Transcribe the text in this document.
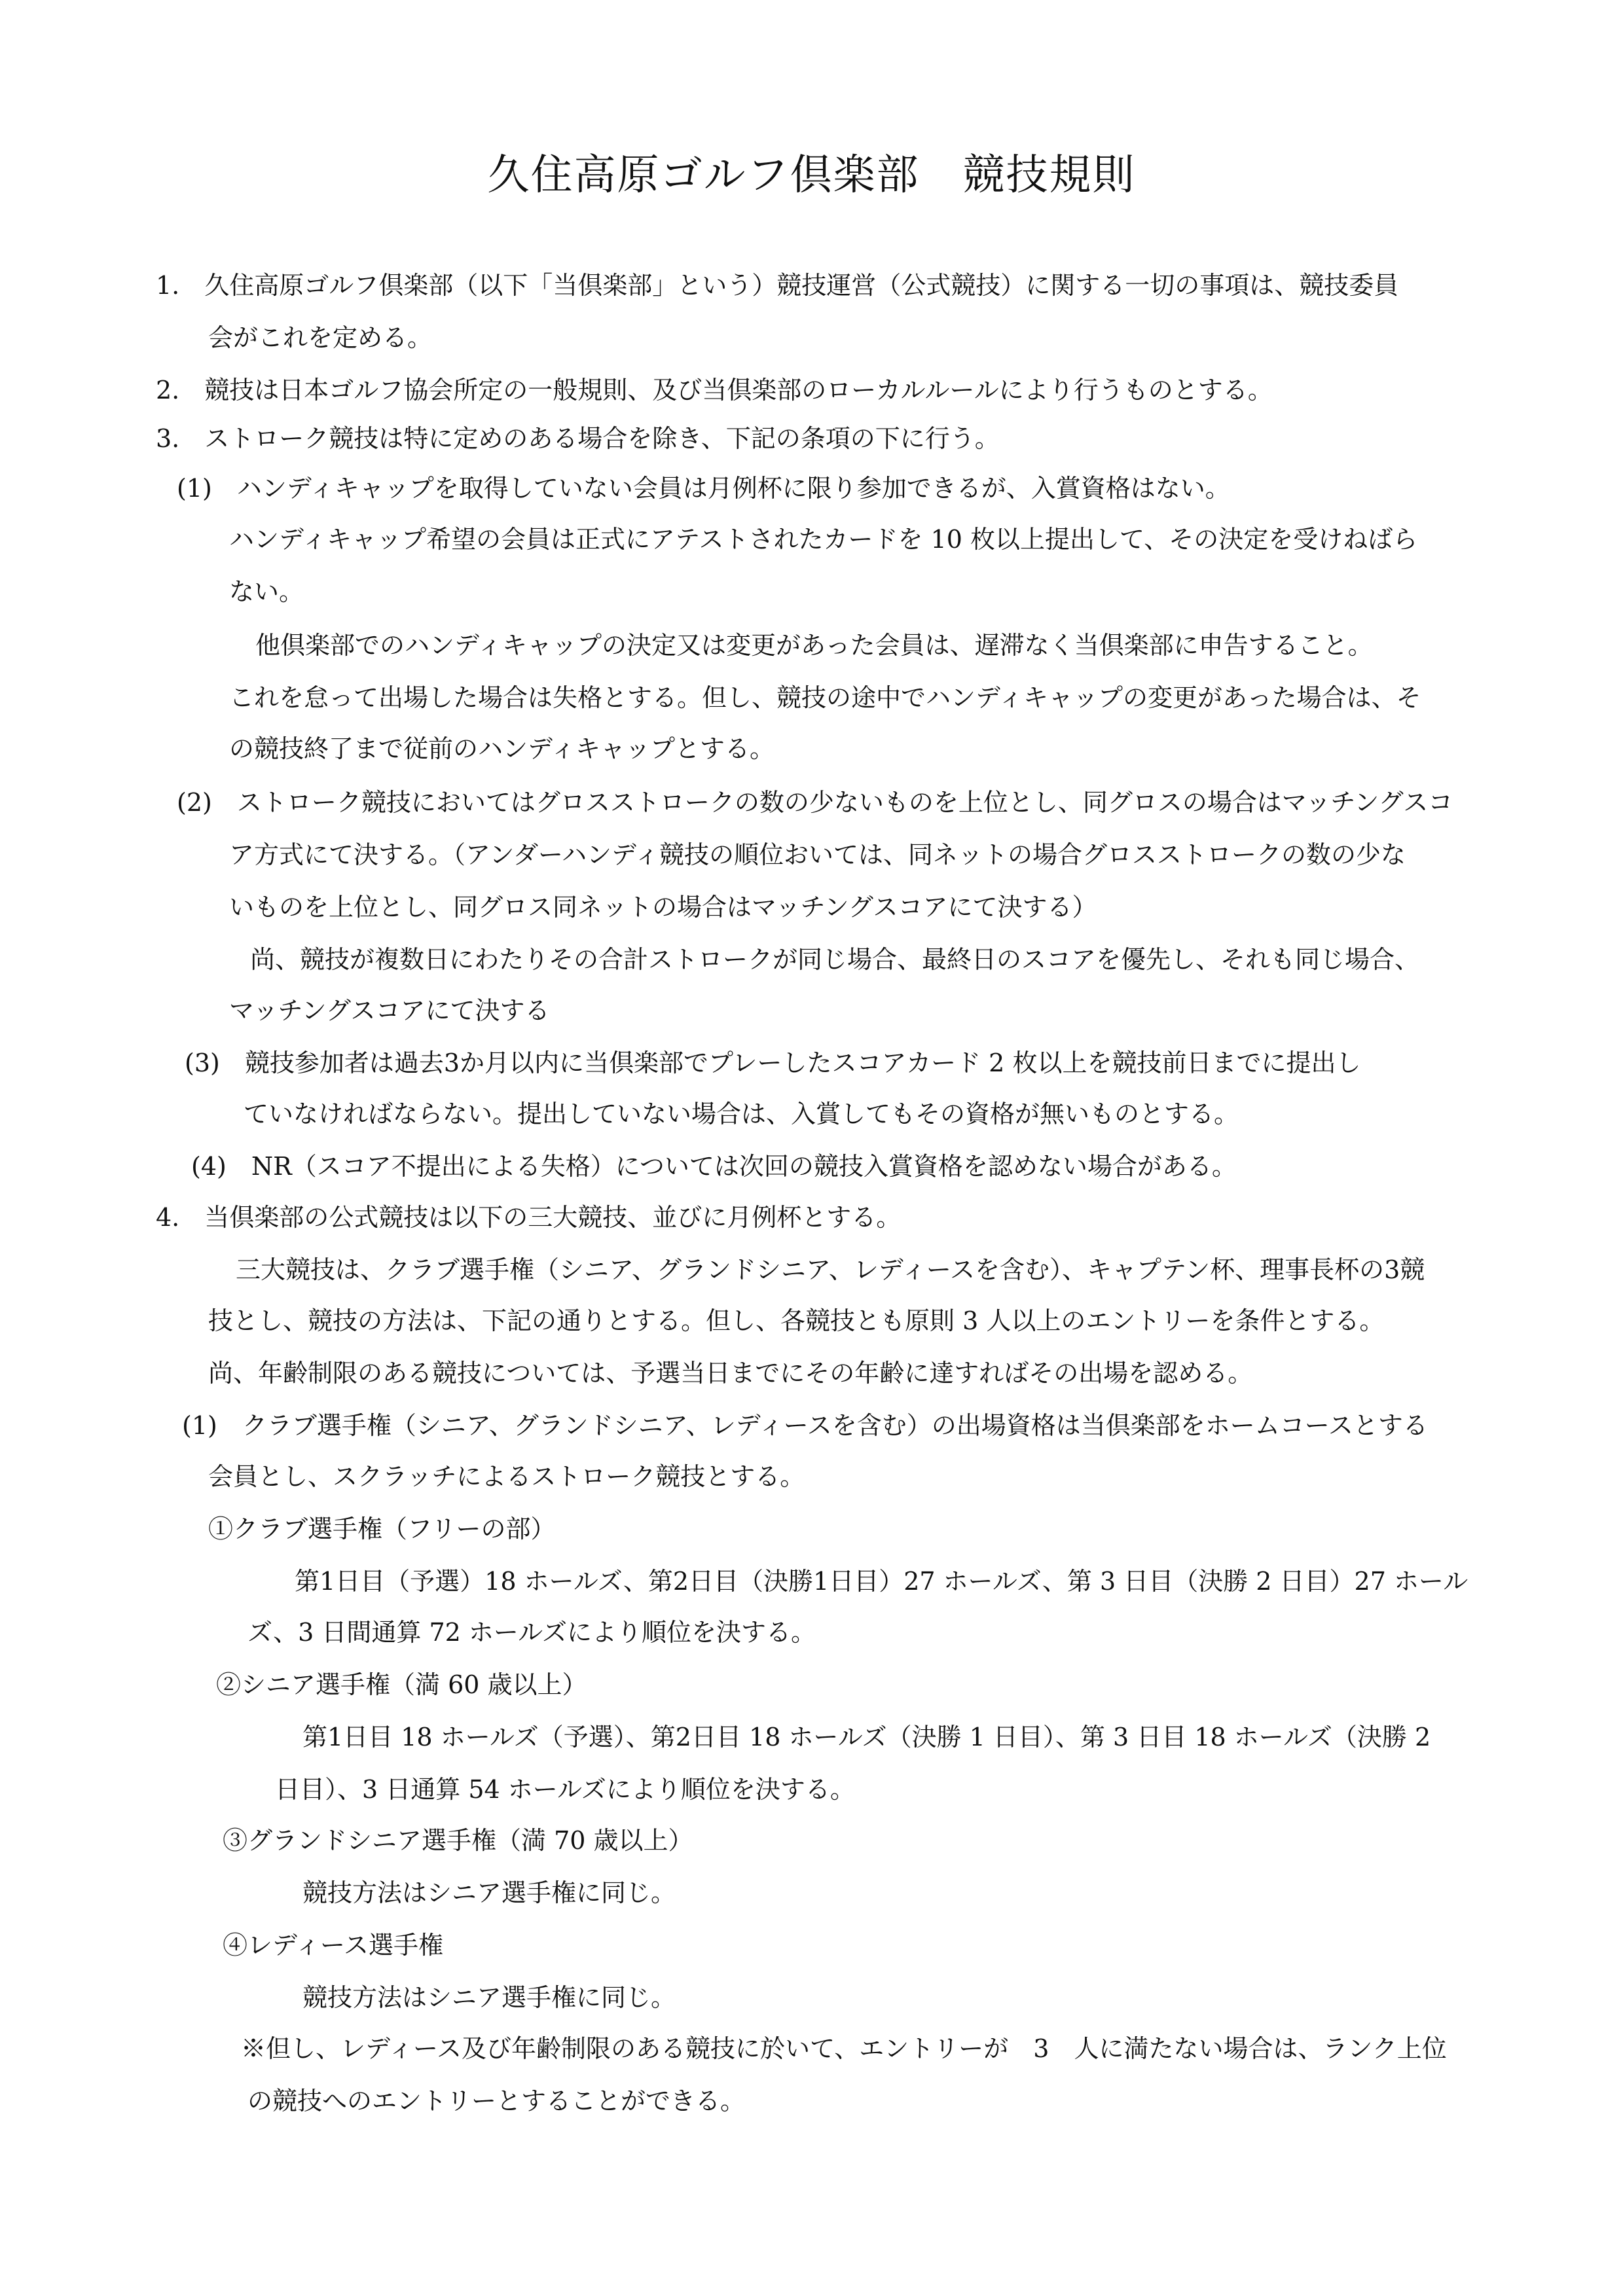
久住高原ゴルフ倶楽部　競技規則
1.　久住高原ゴルフ倶楽部（以下「当倶楽部」という）競技運営（公式競技）に関する一切の事項は、競技委員
会がこれを定める。
2.　競技は日本ゴルフ協会所定の一般規則、及び当倶楽部のローカルルールにより行うものとする。
3.　ストローク競技は特に定めのある場合を除き、下記の条項の下に行う。
(1)　ハンディキャップを取得していない会員は月例杯に限り参加できるが、入賞資格はない。
ハンディキャップ希望の会員は正式にアテストされたカードを 10 枚以上提出して、その決定を受けねばら
ない。
他倶楽部でのハンディキャップの決定又は変更があった会員は、遅滞なく当倶楽部に申告すること。
これを怠って出場した場合は失格とする。但し、競技の途中でハンディキャップの変更があった場合は、そ
の競技終了まで従前のハンディキャップとする。
(2)　ストローク競技においてはグロスストロークの数の少ないものを上位とし、同グロスの場合はマッチングスコ
ア方式にて決する。（アンダーハンディ競技の順位おいては、同ネットの場合グロスストロークの数の少な
いものを上位とし、同グロス同ネットの場合はマッチングスコアにて決する）
尚、競技が複数日にわたりその合計ストロークが同じ場合、最終日のスコアを優先し、それも同じ場合、
マッチングスコアにて決する
(3)　競技参加者は過去3か月以内に当倶楽部でプレーしたスコアカード 2 枚以上を競技前日までに提出し
ていなければならない。提出していない場合は、入賞してもその資格が無いものとする。
(4)　NR（スコア不提出による失格）については次回の競技入賞資格を認めない場合がある。
4.　当倶楽部の公式競技は以下の三大競技、並びに月例杯とする。
三大競技は、クラブ選手権（シニア、グランドシニア、レディースを含む）、キャプテン杯、理事長杯の3競
技とし、競技の方法は、下記の通りとする。但し、各競技とも原則 3 人以上のエントリーを条件とする。
尚、年齢制限のある競技については、予選当日までにその年齢に達すればその出場を認める。
(1)　クラブ選手権（シニア、グランドシニア、レディースを含む）の出場資格は当倶楽部をホームコースとする
会員とし、スクラッチによるストローク競技とする。
①クラブ選手権（フリーの部）
第1日目（予選）18 ホールズ、第2日目（決勝1日目）27 ホールズ、第 3 日目（決勝 2 日目）27 ホール
ズ、3 日間通算 72 ホールズにより順位を決する。
②シニア選手権（満 60 歳以上）
第1日目 18 ホールズ（予選）、第2日目 18 ホールズ（決勝 1 日目）、第 3 日目 18 ホールズ（決勝 2
日目）、3 日通算 54 ホールズにより順位を決する。
③グランドシニア選手権（満 70 歳以上）
競技方法はシニア選手権に同じ。
④レディース選手権
競技方法はシニア選手権に同じ。
※但し、レディース及び年齢制限のある競技に於いて、エントリーが　3　人に満たない場合は、ランク上位
の競技へのエントリーとすることができる。
